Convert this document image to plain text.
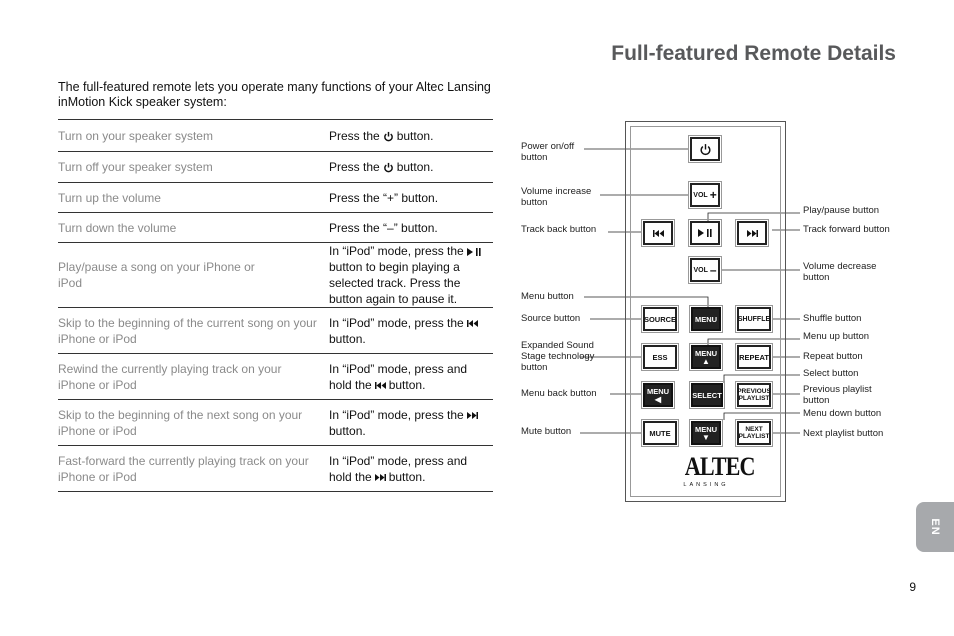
Full-featured Remote Details
The full-featured remote lets you operate many functions of your Altec Lansing inMotion Kick speaker system:
Turn on your speaker system	Press the button.
Turn off your speaker system	Press the button.
Turn up the volume	Press the “+” button.
Turn down the volume	Press the “–” button.
Play/pause a song on your iPhone or iPod	In “iPod” mode, press thebutton to begin playing a selected track. Press the button again to pause it.
Skip to the beginning of the current song on your iPhone or iPod	In “iPod” mode, press thebutton.
Rewind the currently playing track on your iPhone or iPod	In “iPod” mode, press and hold the button.
Skip to the beginning of the next song on your iPhone or iPod	In “iPod” mode, press thebutton.
Fast-forward the currently playing track on your iPhone or iPod	In “iPod” mode, press and hold the button.
VOL +
VOL –
SOURCE	MENU	SHUFFLE
ESS	MENU
▲	REPEAT
MENU
◀	SELECT PREVIOUS PLAYLIST
MUTE	MENU
▼
NEXT PLAYLIST
ALTEC
LANSING
Power on/off button
Volume increase button
Track back button
Menu button
Source button
Expanded Sound Stage technology button
Menu back button
Mute button
Play/pause button
Track forward button
Volume decrease button
Shuffle button
Menu up button
Repeat button
Select button
Previous playlist button
Menu down button
Next playlist button
EN
9
